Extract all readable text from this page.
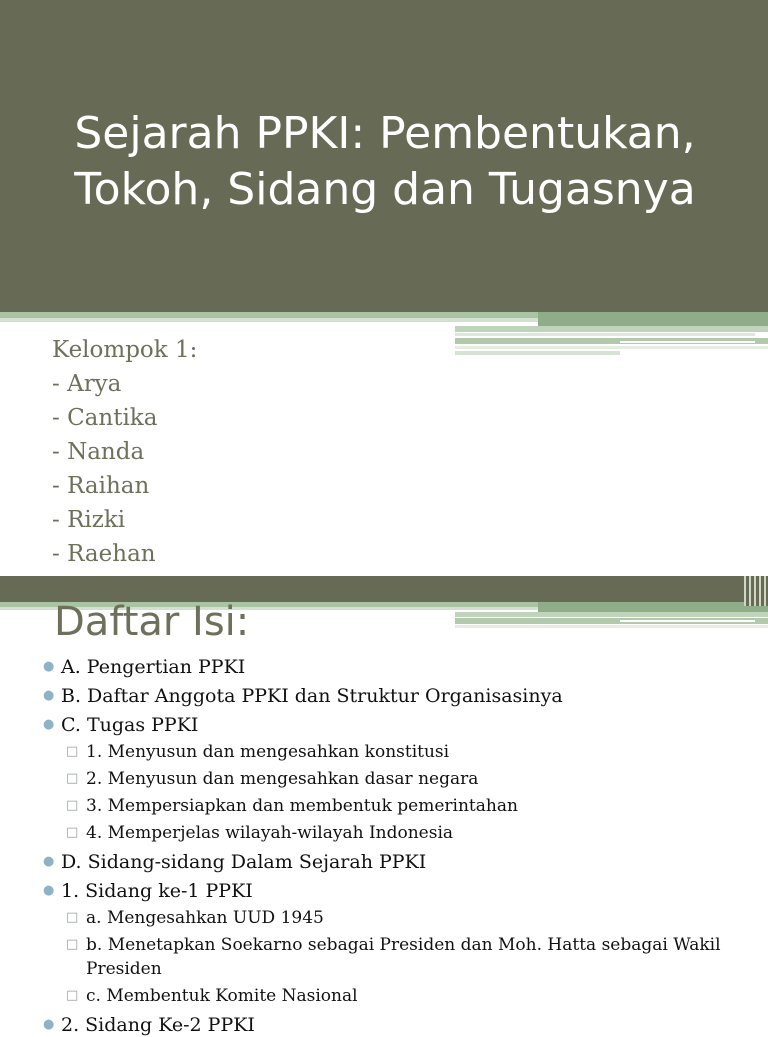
Sejarah PPKI: Pembentukan,
Tokoh, Sidang dan Tugasnya
Kelompok 1:
- Arya
- Cantika
- Nanda
- Raihan
- Rizki
- Raehan
Daftar Isi:
● A. Pengertian PPKI
● B. Daftar Anggota PPKI dan Struktur Organisasinya
● C. Tugas PPKI
□ 1. Menyusun dan mengesahkan konstitusi
□ 2. Menyusun dan mengesahkan dasar negara
□ 3. Mempersiapkan dan membentuk pemerintahan
□ 4. Memperjelas wilayah-wilayah Indonesia
● D. Sidang-sidang Dalam Sejarah PPKI
● 1. Sidang ke-1 PPKI
□ a. Mengesahkan UUD 1945
□ b. Menetapkan Soekarno sebagai Presiden dan Moh. Hatta sebagai Wakil Presiden
□ c. Membentuk Komite Nasional
● 2. Sidang Ke-2 PPKI
